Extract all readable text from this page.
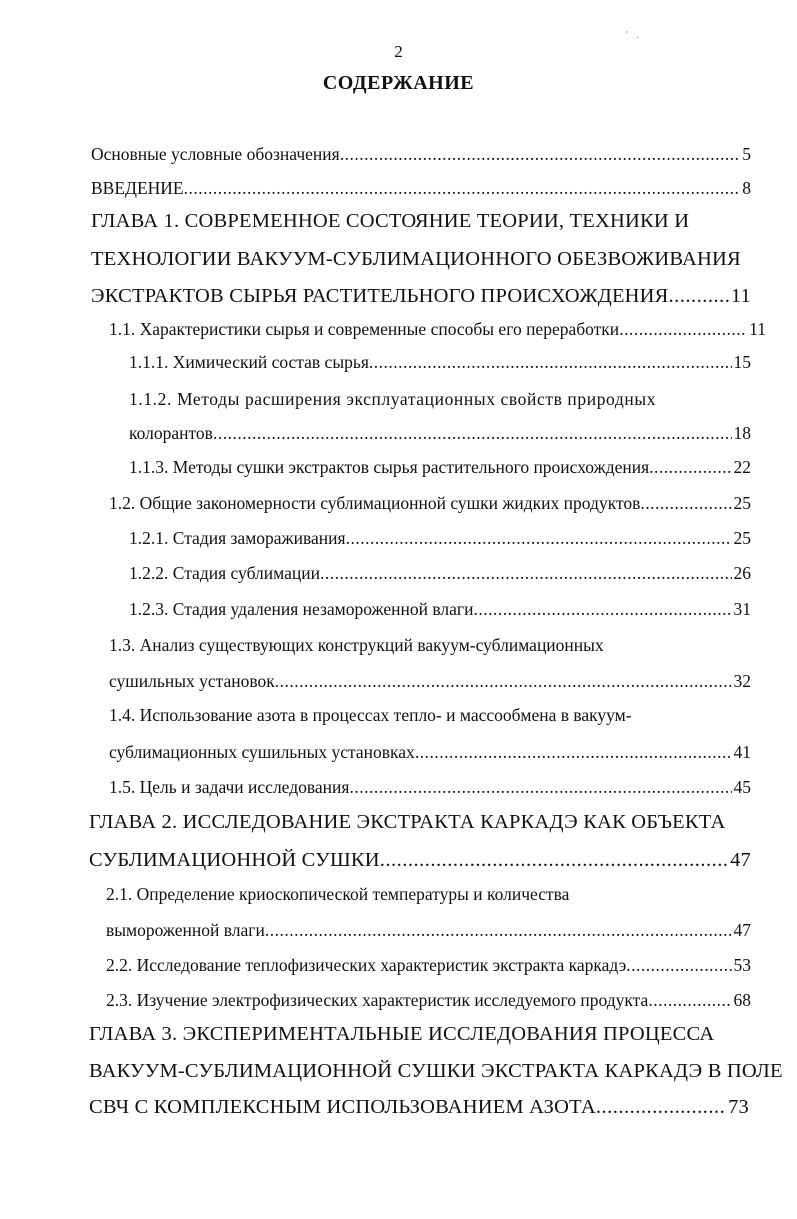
2
' .
СОДЕРЖАНИЕ
Основные условные обозначения .....	5
ВВЕДЕНИЕ .....	8
ГЛАВА 1. СОВРЕМЕННОЕ СОСТОЯНИЕ ТЕОРИИ, ТЕХНИКИ И
ТЕХНОЛОГИИ ВАКУУМ-СУБЛИМАЦИОННОГО ОБЕЗВОЖИВАНИЯ
ЭКСТРАКТОВ СЫРЬЯ РАСТИТЕЛЬНОГО ПРОИСХОЖДЕНИЯ .....	11
1.1. Характеристики сырья и современные способы его переработки .....	11
1.1.1. Химический состав сырья .....	15
1.1.2. Методы расширения эксплуатационных свойств природных
колорантов .....	18
1.1.3. Методы сушки экстрактов сырья растительного происхождения .....	22
1.2. Общие закономерности сублимационной сушки жидких продуктов .....	25
1.2.1. Стадия замораживания .....	25
1.2.2. Стадия сублимации .....	26
1.2.3. Стадия удаления незамороженной влаги .....	31
1.3. Анализ существующих конструкций вакуум-сублимационных
сушильных установок .....	32
1.4. Использование азота в процессах тепло- и массообмена в вакуум-
сублимационных сушильных установках .....	41
1.5. Цель и задачи исследования .....	45
ГЛАВА 2. ИССЛЕДОВАНИЕ ЭКСТРАКТА КАРКАДЭ КАК ОБЪЕКТА
СУБЛИМАЦИОННОЙ СУШКИ .....	47
2.1. Определение криоскопической температуры и количества
вымороженной влаги .....	47
2.2. Исследование теплофизических характеристик экстракта каркадэ .....	53
2.3. Изучение электрофизических характеристик исследуемого продукта .....	68
ГЛАВА 3. ЭКСПЕРИМЕНТАЛЬНЫЕ ИССЛЕДОВАНИЯ ПРОЦЕССА
ВАКУУМ-СУБЛИМАЦИОННОЙ СУШКИ ЭКСТРАКТА КАРКАДЭ В ПОЛЕ
СВЧ С КОМПЛЕКСНЫМ ИСПОЛЬЗОВАНИЕМ АЗОТА .....	73
